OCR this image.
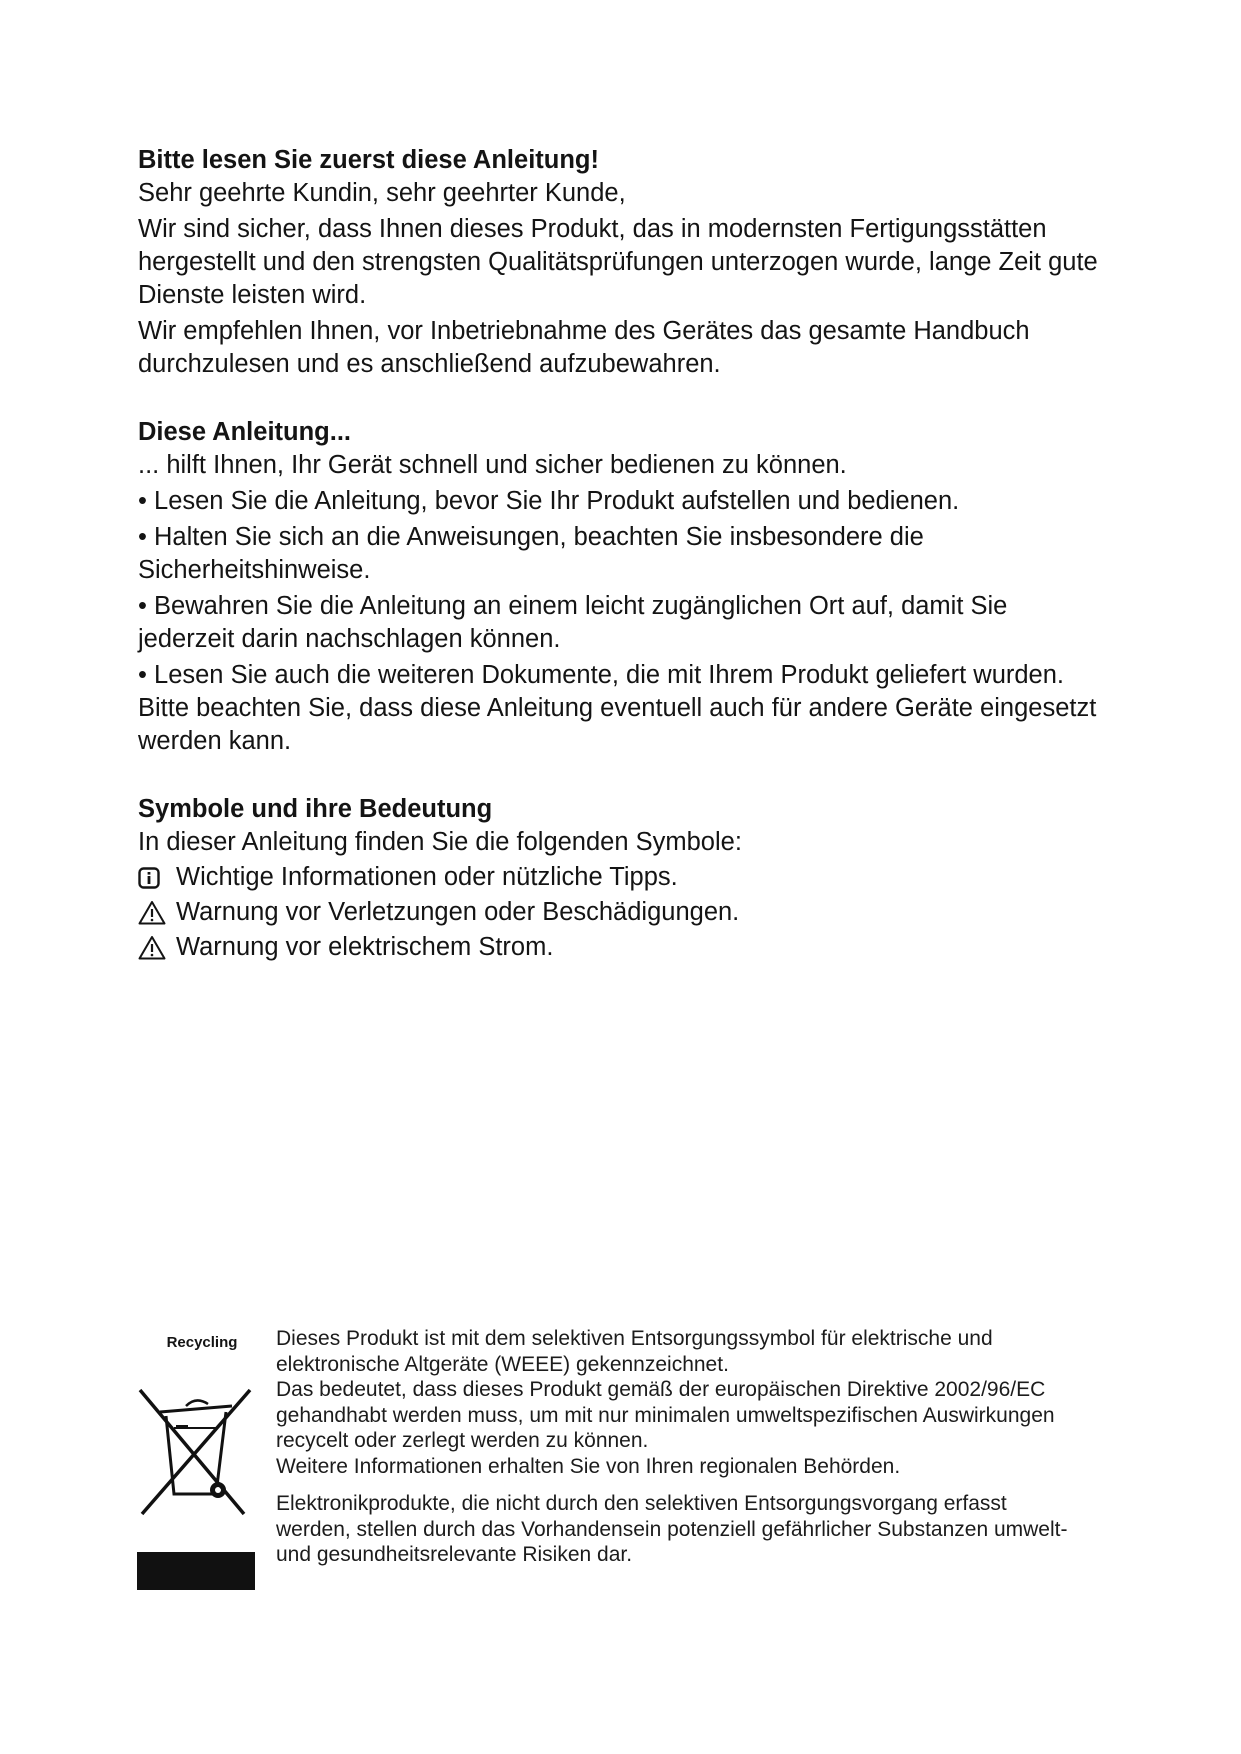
Bitte lesen Sie zuerst diese Anleitung!

Sehr geehrte Kundin, sehr geehrter Kunde,

Wir sind sicher, dass Ihnen dieses Produkt, das in modernsten Fertigungsstätten hergestellt und den strengsten Qualitätsprüfungen unterzogen wurde, lange Zeit gute Dienste leisten wird.

Wir empfehlen Ihnen, vor Inbetriebnahme des Gerätes das gesamte Handbuch durchzulesen und es anschließend aufzubewahren.

Diese Anleitung...

... hilft Ihnen, Ihr Gerät schnell und sicher bedienen zu können.

• Lesen Sie die Anleitung, bevor Sie Ihr Produkt aufstellen und bedienen.

• Halten Sie sich an die Anweisungen, beachten Sie insbesondere die Sicherheitshinweise.

• Bewahren Sie die Anleitung an einem leicht zugänglichen Ort auf, damit Sie jederzeit darin nachschlagen können.

• Lesen Sie auch die weiteren Dokumente, die mit Ihrem Produkt geliefert wurden.

Bitte beachten Sie, dass diese Anleitung eventuell auch für andere Geräte eingesetzt werden kann.

Symbole und ihre Bedeutung

In dieser Anleitung finden Sie die folgenden Symbole:

Wichtige Informationen oder nützliche Tipps.
Warnung vor Verletzungen oder Beschädigungen.
Warnung vor elektrischem Strom.
Recycling	Dieses Produkt ist mit dem selektiven Entsorgungssymbol für elektrische und elektronische Altgeräte (WEEE) gekennzeichnet.

Das bedeutet, dass dieses Produkt gemäß der europäischen Direktive 2002/96/EC gehandhabt werden muss, um mit nur minimalen umweltspezifischen Auswirkungen recycelt oder zerlegt werden zu können.

Weitere Informationen erhalten Sie von Ihren regionalen Behörden.

Elektronikprodukte, die nicht durch den selektiven Entsorgungsvorgang erfasst werden, stellen durch das Vorhandensein potenziell gefährlicher Substanzen umwelt- und gesundheitsrelevante Risiken dar.
